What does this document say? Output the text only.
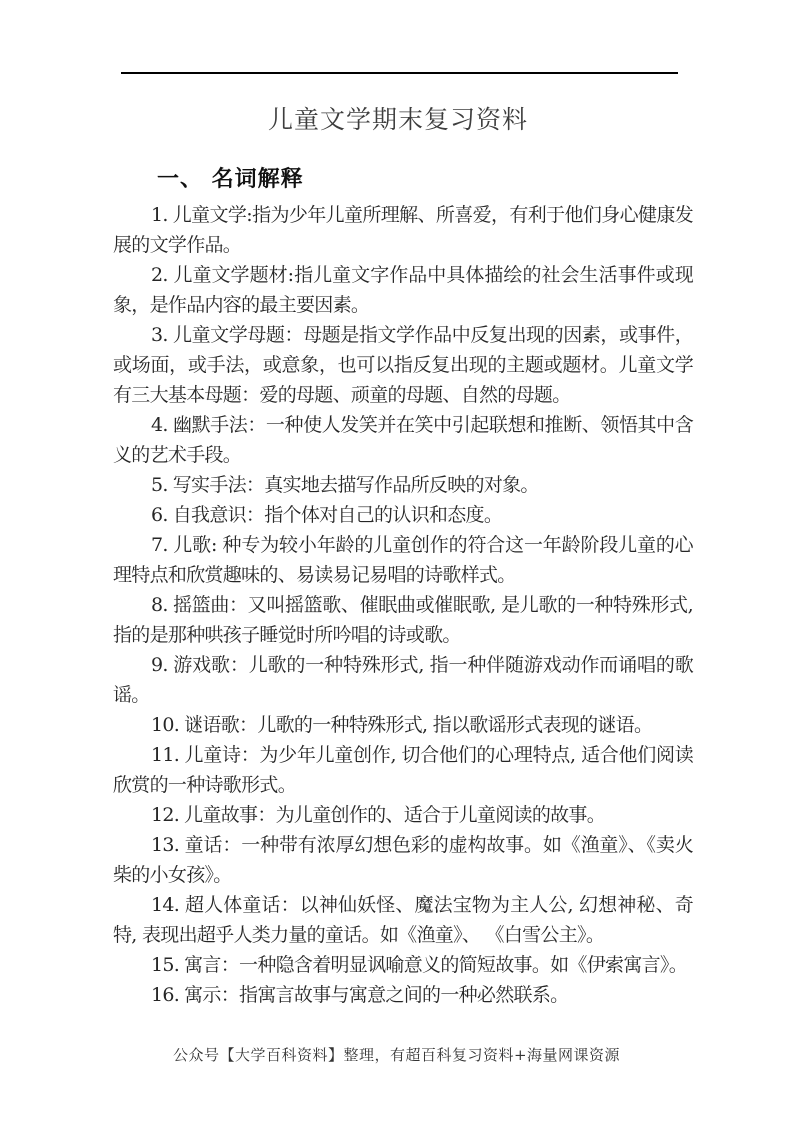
儿童文学期末复习资料
一、 名词解释

1. 儿童文学:指为少年儿童所理解、所喜爱，有利于他们身心健康发展的文学作品。

2. 儿童文学题材:指儿童文字作品中具体描绘的社会生活事件或现象，是作品内容的最主要因素。

3. 儿童文学母题：母题是指文学作品中反复出现的因素，或事件，或场面，或手法，或意象，也可以指反复出现的主题或题材。儿童文学有三大基本母题：爱的母题、顽童的母题、自然的母题。

4. 幽默手法：一种使人发笑并在笑中引起联想和推断、领悟其中含义的艺术手段。

5. 写实手法：真实地去描写作品所反映的对象。

6. 自我意识：指个体对自己的认识和态度。

7. 儿歌: 种专为较小年龄的儿童创作的符合这一年龄阶段儿童的心理特点和欣赏趣味的、易读易记易唱的诗歌样式。

8. 摇篮曲：又叫摇篮歌、催眠曲或催眠歌, 是儿歌的一种特殊形式, 指的是那种哄孩子睡觉时所吟唱的诗或歌。

9. 游戏歌：儿歌的一种特殊形式, 指一种伴随游戏动作而诵唱的歌谣。

10. 谜语歌：儿歌的一种特殊形式, 指以歌谣形式表现的谜语。

11. 儿童诗：为少年儿童创作, 切合他们的心理特点, 适合他们阅读欣赏的一种诗歌形式。

12. 儿童故事：为儿童创作的、适合于儿童阅读的故事。

13. 童话：一种带有浓厚幻想色彩的虚构故事。如《渔童》、《卖火柴的小女孩》。

14. 超人体童话：以神仙妖怪、魔法宝物为主人公, 幻想神秘、奇特, 表现出超乎人类力量的童话。如《渔童》、 《白雪公主》。

15. 寓言：一种隐含着明显讽喻意义的简短故事。如《伊索寓言》。

16. 寓示：指寓言故事与寓意之间的一种必然联系。

公众号【大学百科资料】整理，有超百科复习资料+海量网课资源
